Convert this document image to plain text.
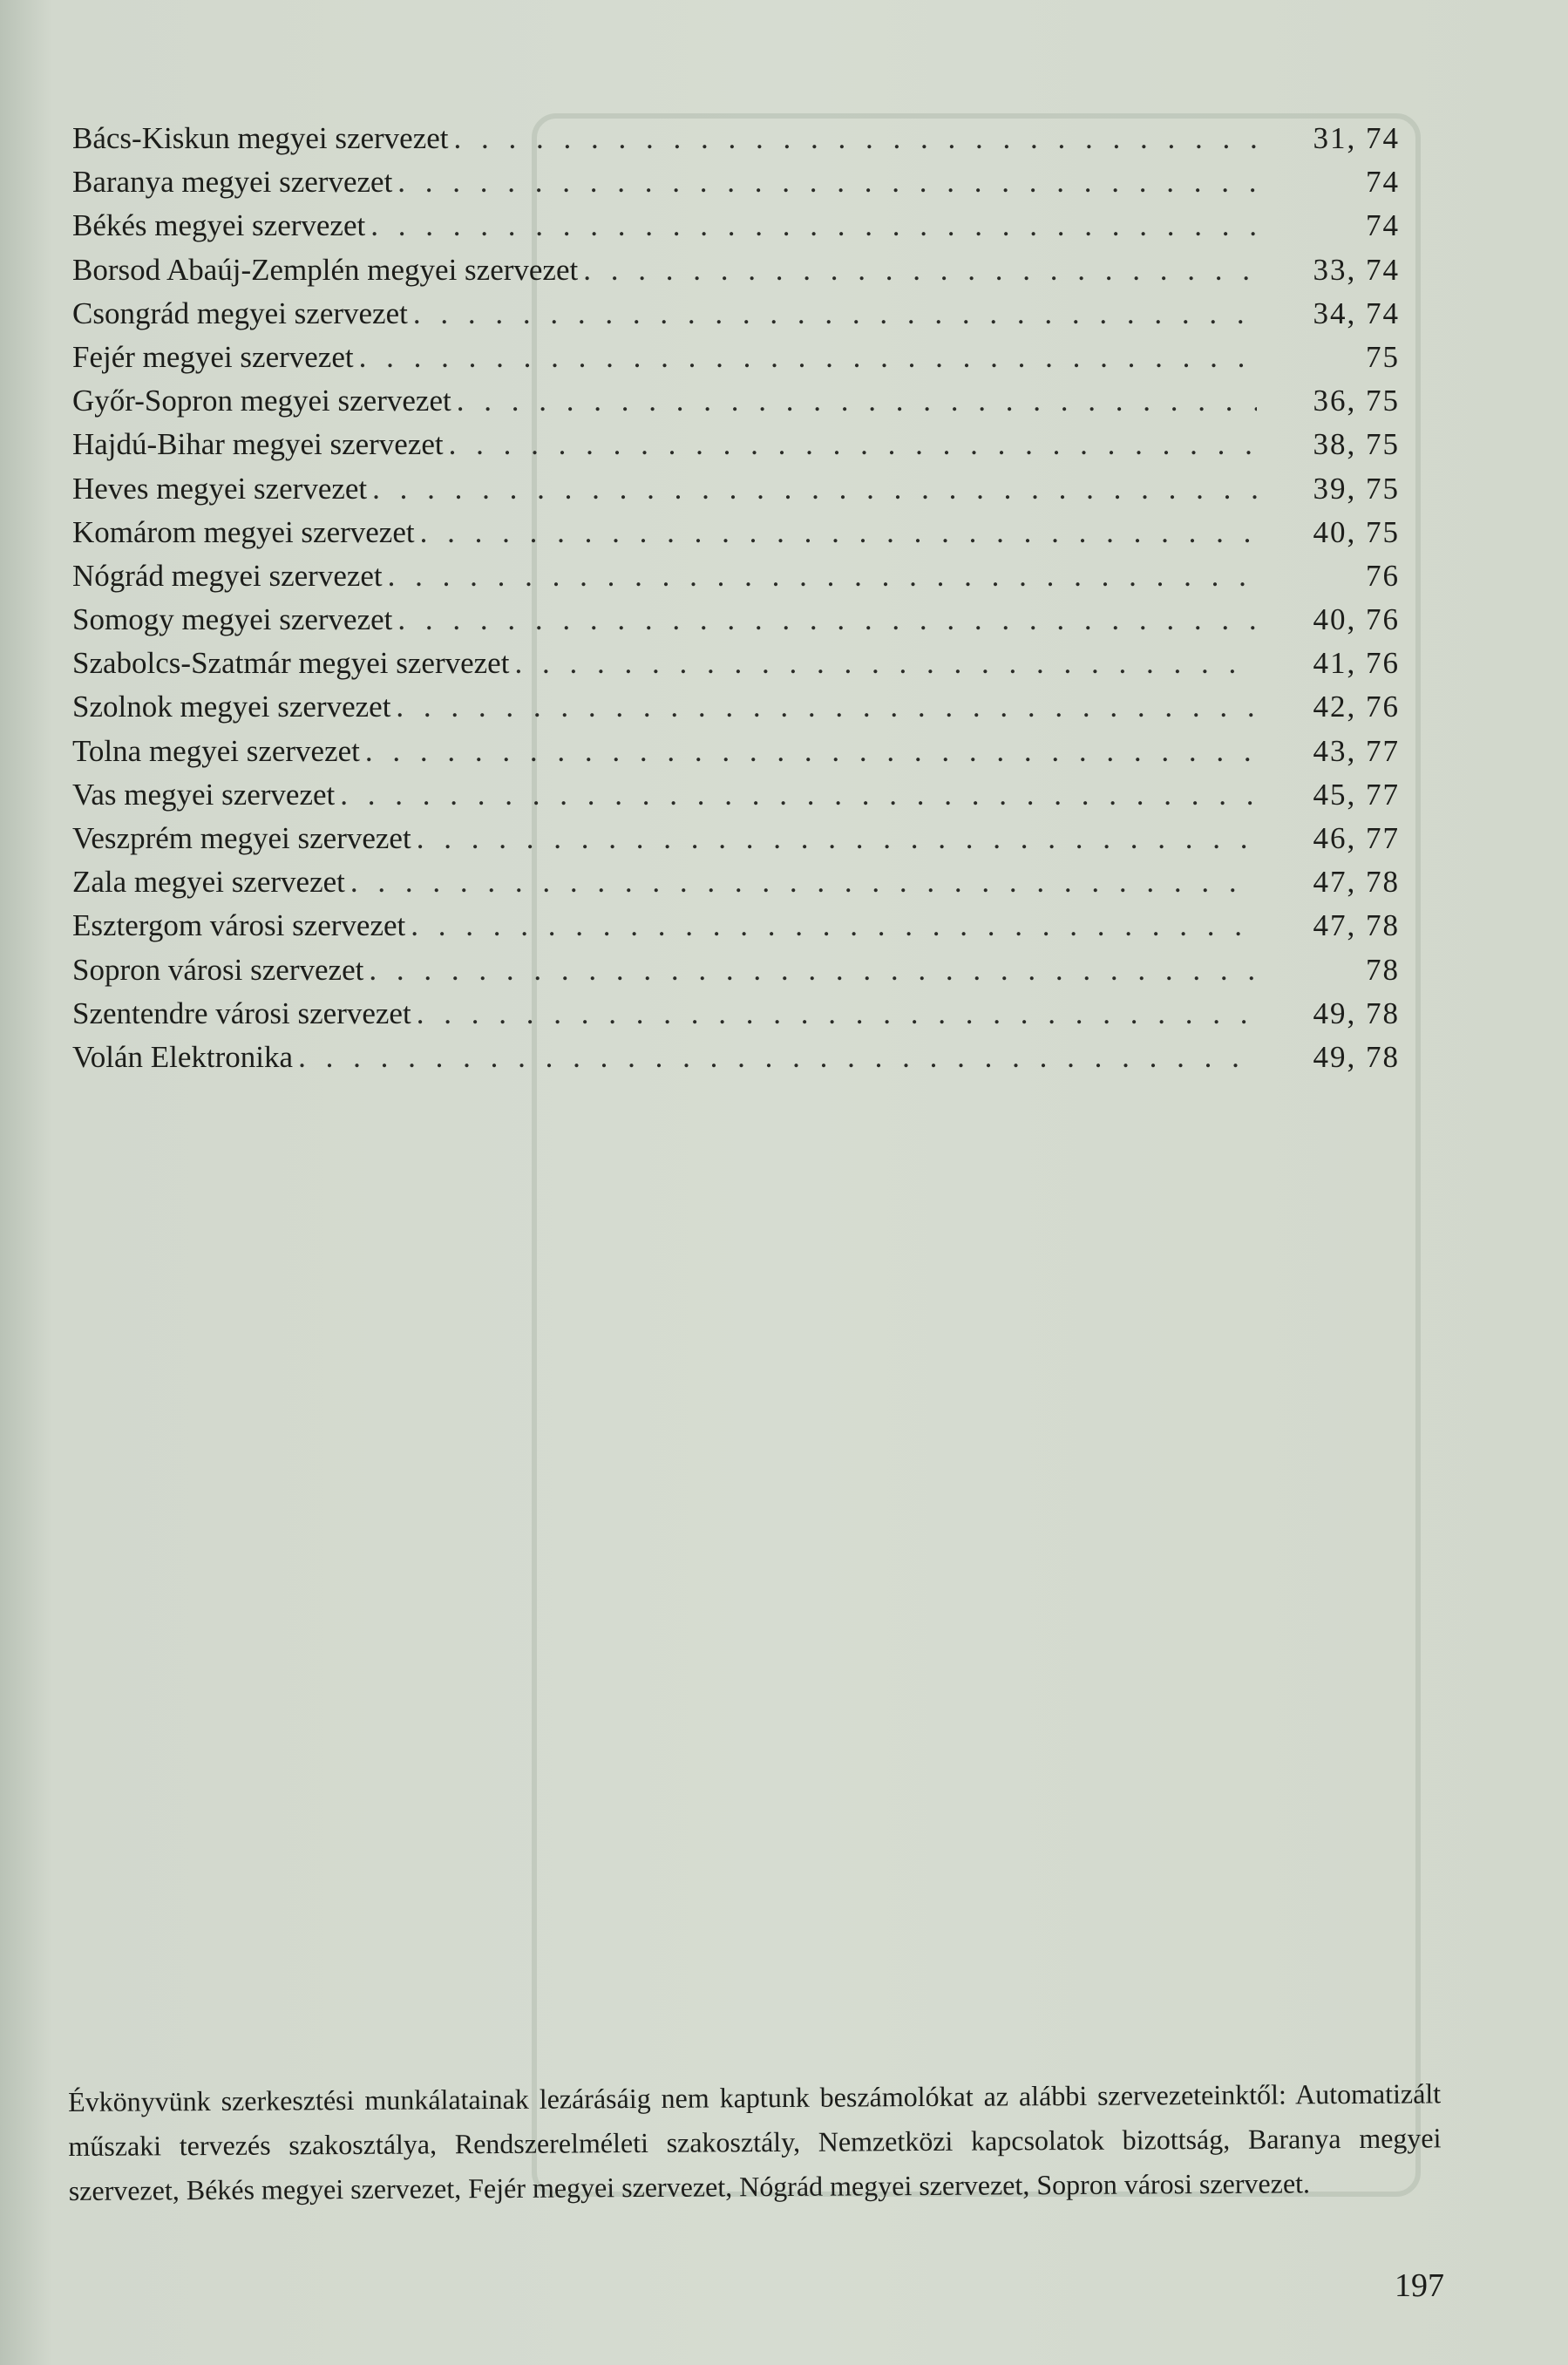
Bács-Kiskun megyei szervezet . . .	31, 74
Baranya megyei szervezet . . .	74
Békés megyei szervezet . . .	74
Borsod Abaúj-Zemplén megyei szervezet . . .	33, 74
Csongrád megyei szervezet . . .	34, 74
Fejér megyei szervezet . . .	75
Győr-Sopron megyei szervezet . . .	36, 75
Hajdú-Bihar megyei szervezet . . .	38, 75
Heves megyei szervezet . . .	39, 75
Komárom megyei szervezet . . .	40, 75
Nógrád megyei szervezet . . .	76
Somogy megyei szervezet . . .	40, 76
Szabolcs-Szatmár megyei szervezet . . .	41, 76
Szolnok megyei szervezet . . .	42, 76
Tolna megyei szervezet . . .	43, 77
Vas megyei szervezet . . .	45, 77
Veszprém megyei szervezet . . .	46, 77
Zala megyei szervezet . . .	47, 78
Esztergom városi szervezet . . .	47, 78
Sopron városi szervezet . . .	78
Szentendre városi szervezet . . .	49, 78
Volán Elektronika . . .	49, 78

Évkönyvünk szerkesztési munkálatainak lezárásáig nem kaptunk beszámolókat az alábbi szervezeteinktől: Automatizált műszaki tervezés szakosztálya, Rendszerelméleti szakosztály, Nemzetközi kapcsolatok bizottság, Baranya megyei szervezet, Békés megyei szervezet, Fejér megyei szervezet, Nógrád megyei szervezet, Sopron városi szervezet.

197
